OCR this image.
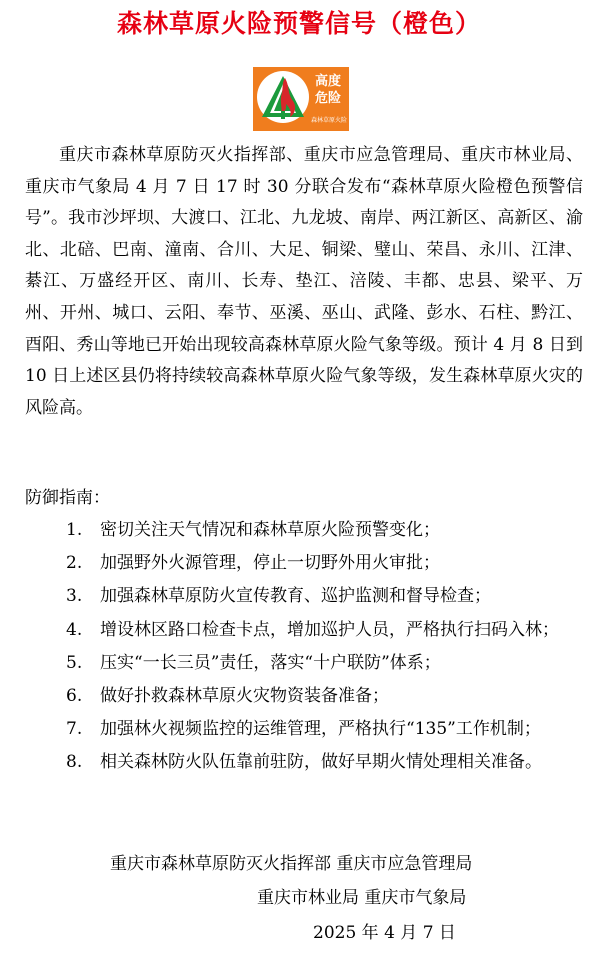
森林草原火险预警信号（橙色）
高度危险
森林草原火险
重庆市森林草原防灭火指挥部、重庆市应急管理局、重庆市林业局、重庆市气象局 4 月 7 日 17 时 30 分联合发布“森林草原火险橙色预警信号”。我市沙坪坝、大渡口、江北、九龙坡、南岸、两江新区、高新区、渝北、北碚、巴南、潼南、合川、大足、铜梁、璧山、荣昌、永川、江津、綦江、万盛经开区、南川、长寿、垫江、涪陵、丰都、忠县、梁平、万州、开州、城口、云阳、奉节、巫溪、巫山、武隆、彭水、石柱、黔江、酉阳、秀山等地已开始出现较高森林草原火险气象等级。预计 4 月 8 日到 10 日上述区县仍将持续较高森林草原火险气象等级，发生森林草原火灾的风险高。
防御指南：
1. 密切关注天气情况和森林草原火险预警变化；
2. 加强野外火源管理，停止一切野外用火审批；
3. 加强森林草原防火宣传教育、巡护监测和督导检查；
4. 增设林区路口检查卡点，增加巡护人员，严格执行扫码入林；
5. 压实“一长三员”责任，落实“十户联防”体系；
6. 做好扑救森林草原火灾物资装备准备；
7. 加强林火视频监控的运维管理，严格执行“135”工作机制；
8. 相关森林防火队伍靠前驻防，做好早期火情处理相关准备。
重庆市森林草原防灭火指挥部 重庆市应急管理局
重庆市林业局 重庆市气象局
2025 年 4 月 7 日
